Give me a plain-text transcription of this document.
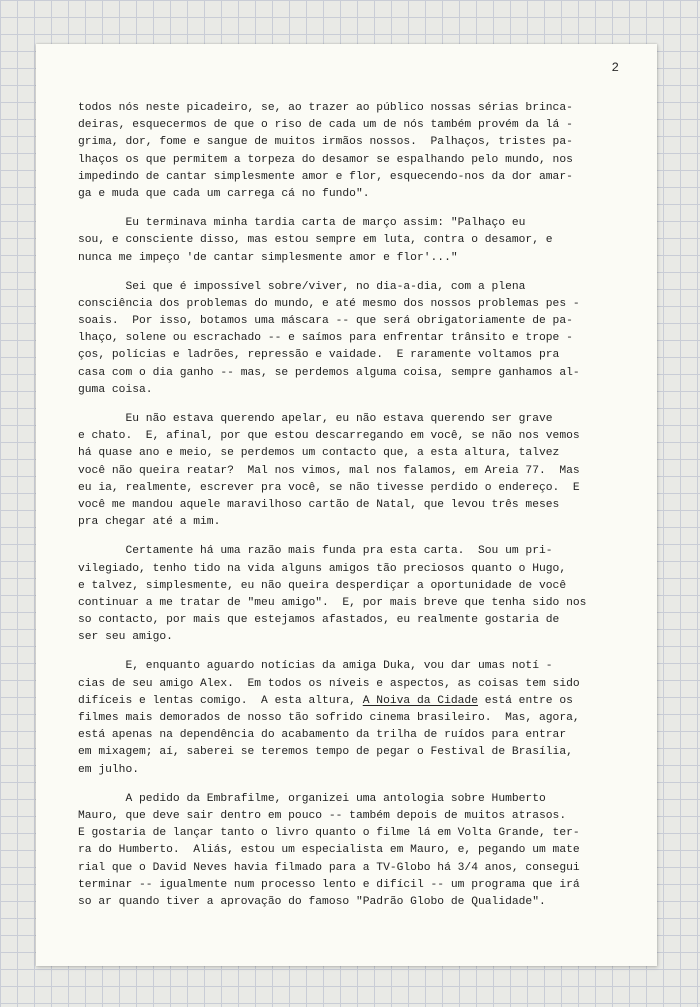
2
todos nós neste picadeiro, se, ao trazer ao público nossas sérias brinca-
deiras, esquecermos de que o riso de cada um de nós também provém da lá -
grima, dor, fome e sangue de muitos irmãos nossos.  Palhaços, tristes pa-
lhaços os que permitem a torpeza do desamor se espalhando pelo mundo, nos
impedindo de cantar simplesmente amor e flor, esquecendo-nos da dor amar-
ga e muda que cada um carrega cá no fundo".
Eu terminava minha tardia carta de março assim: "Palhaço eu
sou, e consciente disso, mas estou sempre em luta, contra o desamor, e
nunca me impeço 'de cantar simplesmente amor e flor'..."
Sei que é impossível sobre/viver, no dia-a-dia, com a plena
consciência dos problemas do mundo, e até mesmo dos nossos problemas pes -
soais.  Por isso, botamos uma máscara -- que será obrigatoriamente de pa-
lhaço, solene ou escrachado -- e saímos para enfrentar trânsito e trope -
ços, polícias e ladrões, repressão e vaidade.  E raramente voltamos pra
casa com o dia ganho -- mas, se perdemos alguma coisa, sempre ganhamos al-
guma coisa.
Eu não estava querendo apelar, eu não estava querendo ser grave
e chato.  E, afinal, por que estou descarregando em você, se não nos vemos
há quase ano e meio, se perdemos um contacto que, a esta altura, talvez
você não queira reatar?  Mal nos vimos, mal nos falamos, em Areia 77.  Mas
eu ia, realmente, escrever pra você, se não tivesse perdido o endereço.  E
você me mandou aquele maravilhoso cartão de Natal, que levou três meses
pra chegar até a mim.
Certamente há uma razão mais funda pra esta carta.  Sou um pri-
vilegiado, tenho tido na vida alguns amigos tão preciosos quanto o Hugo,
e talvez, simplesmente, eu não queira desperdiçar a oportunidade de você
continuar a me tratar de "meu amigo".  E, por mais breve que tenha sido nos
so contacto, por mais que estejamos afastados, eu realmente gostaria de
ser seu amigo.
E, enquanto aguardo notícias da amiga Duka, vou dar umas notí -
cias de seu amigo Alex.  Em todos os níveis e aspectos, as coisas tem sido
difíceis e lentas comigo.  A esta altura, A Noiva da Cidade está entre os
filmes mais demorados de nosso tão sofrido cinema brasileiro.  Mas, agora,
está apenas na dependência do acabamento da trilha de ruídos para entrar
em mixagem; aí, saberei se teremos tempo de pegar o Festival de Brasília,
em julho.
A pedido da Embrafilme, organizei uma antologia sobre Humberto
Mauro, que deve sair dentro em pouco -- também depois de muitos atrasos.
E gostaria de lançar tanto o livro quanto o filme lá em Volta Grande, ter-
ra do Humberto.  Aliás, estou um especialista em Mauro, e, pegando um mate
rial que o David Neves havia filmado para a TV-Globo há 3/4 anos, consegui
terminar -- igualmente num processo lento e difícil -- um programa que irá
so ar quando tiver a aprovação do famoso "Padrão Globo de Qualidade".
